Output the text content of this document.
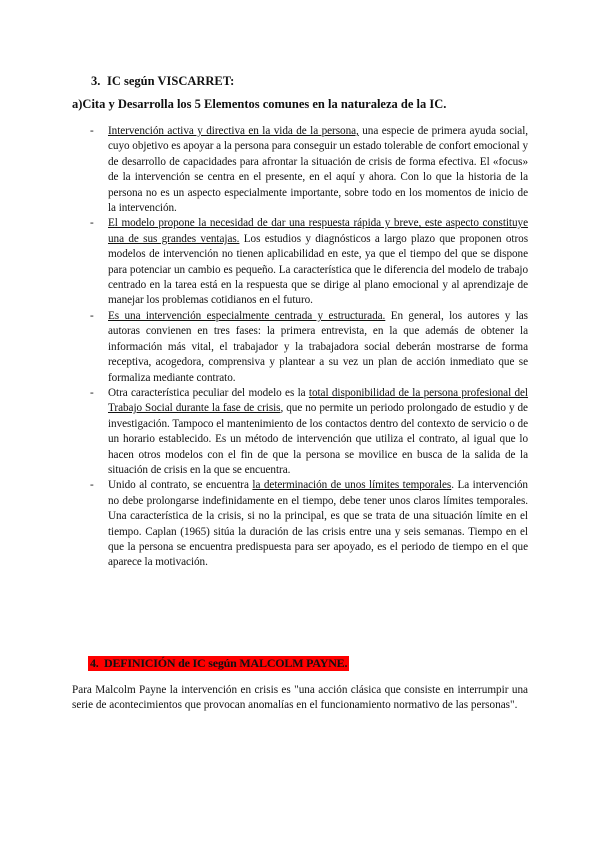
3. IC según VISCARRET:

a)Cita y Desarrolla los 5 Elementos comunes en la naturaleza de la IC.

- Intervención activa y directiva en la vida de la persona, una especie de primera ayuda social, cuyo objetivo es apoyar a la persona para conseguir un estado tolerable de confort emocional y de desarrollo de capacidades para afrontar la situación de crisis de forma efectiva. El «focus» de la intervención se centra en el presente, en el aquí y ahora. Con lo que la historia de la persona no es un aspecto especialmente importante, sobre todo en los momentos de inicio de la intervención.
- El modelo propone la necesidad de dar una respuesta rápida y breve, este aspecto constituye una de sus grandes ventajas. Los estudios y diagnósticos a largo plazo que proponen otros modelos de intervención no tienen aplicabilidad en este, ya que el tiempo del que se dispone para potenciar un cambio es pequeño. La característica que le diferencia del modelo de trabajo centrado en la tarea está en la respuesta que se dirige al plano emocional y al aprendizaje de manejar los problemas cotidianos en el futuro.
- Es una intervención especialmente centrada y estructurada. En general, los autores y las autoras convienen en tres fases: la primera entrevista, en la que además de obtener la información más vital, el trabajador y la trabajadora social deberán mostrarse de forma receptiva, acogedora, comprensiva y plantear a su vez un plan de acción inmediato que se formaliza mediante contrato.
- Otra característica peculiar del modelo es la total disponibilidad de la persona profesional del Trabajo Social durante la fase de crisis, que no permite un periodo prolongado de estudio y de investigación. Tampoco el mantenimiento de los contactos dentro del contexto de servicio o de un horario establecido. Es un método de intervención que utiliza el contrato, al igual que lo hacen otros modelos con el fin de que la persona se movilice en busca de la salida de la situación de crisis en la que se encuentra.
- Unido al contrato, se encuentra la determinación de unos límites temporales. La intervención no debe prolongarse indefinidamente en el tiempo, debe tener unos claros límites temporales. Una característica de la crisis, si no la principal, es que se trata de una situación límite en el tiempo. Caplan (1965) sitúa la duración de las crisis entre una y seis semanas. Tiempo en el que la persona se encuentra predispuesta para ser apoyado, es el periodo de tiempo en el que aparece la motivación.

4. DEFINICIÓN de IC según MALCOLM PAYNE.

Para Malcolm Payne la intervención en crisis es "una acción clásica que consiste en interrumpir una serie de acontecimientos que provocan anomalías en el funcionamiento normativo de las personas".
